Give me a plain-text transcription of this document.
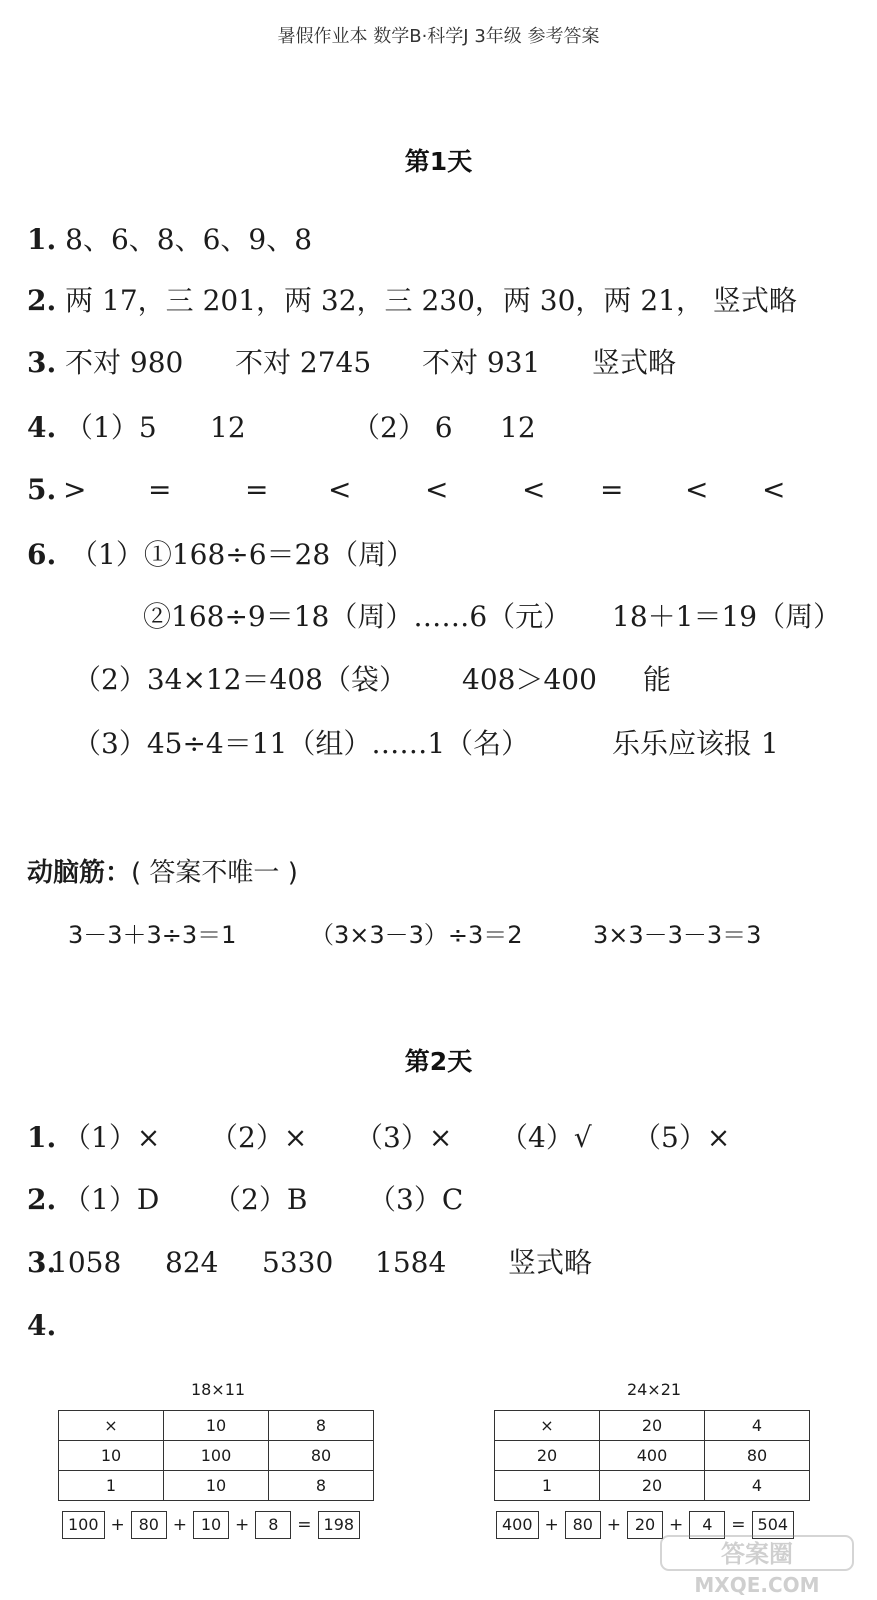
暑假作业本 数学B·科学J 3年级 参考答案
第1天
1. 8、6、8、6、9、8
2. 两 17，三 201，两 32，三 230，两 30，两 21， 竖式略
3. 不对 980 不对 2745 不对 931 竖式略
4. （1）5 12	（2） 6 12
5. > =	= <	<	< = < <
6. （1）①168÷6＝28（周）
②168÷9＝18（周）……6（元） 18＋1＝19（周）
（2）34×12＝408（袋） 408＞400 能
（3）45÷4＝11（组）……1（名）	乐乐应该报 1
动脑筋：( 答案不唯一 )
3－3＋3÷3＝1	（3×3－3）÷3＝2	3×3－3－3＝3
第2天
1. （1）× （2）× （3）× （4）√ （5）×
2. （1）D （2）B （3）C
3.
1058 824 5330 1584 竖式略
4.
18×11
×	10	8
10	100	80
1	10	8
100 + 80 + 10 +	8	= 198
24×21
×	20	4
20	400	80
1	20	4
400 + 80 + 20 +	4	= 504
答案圈
MXQE.COM
